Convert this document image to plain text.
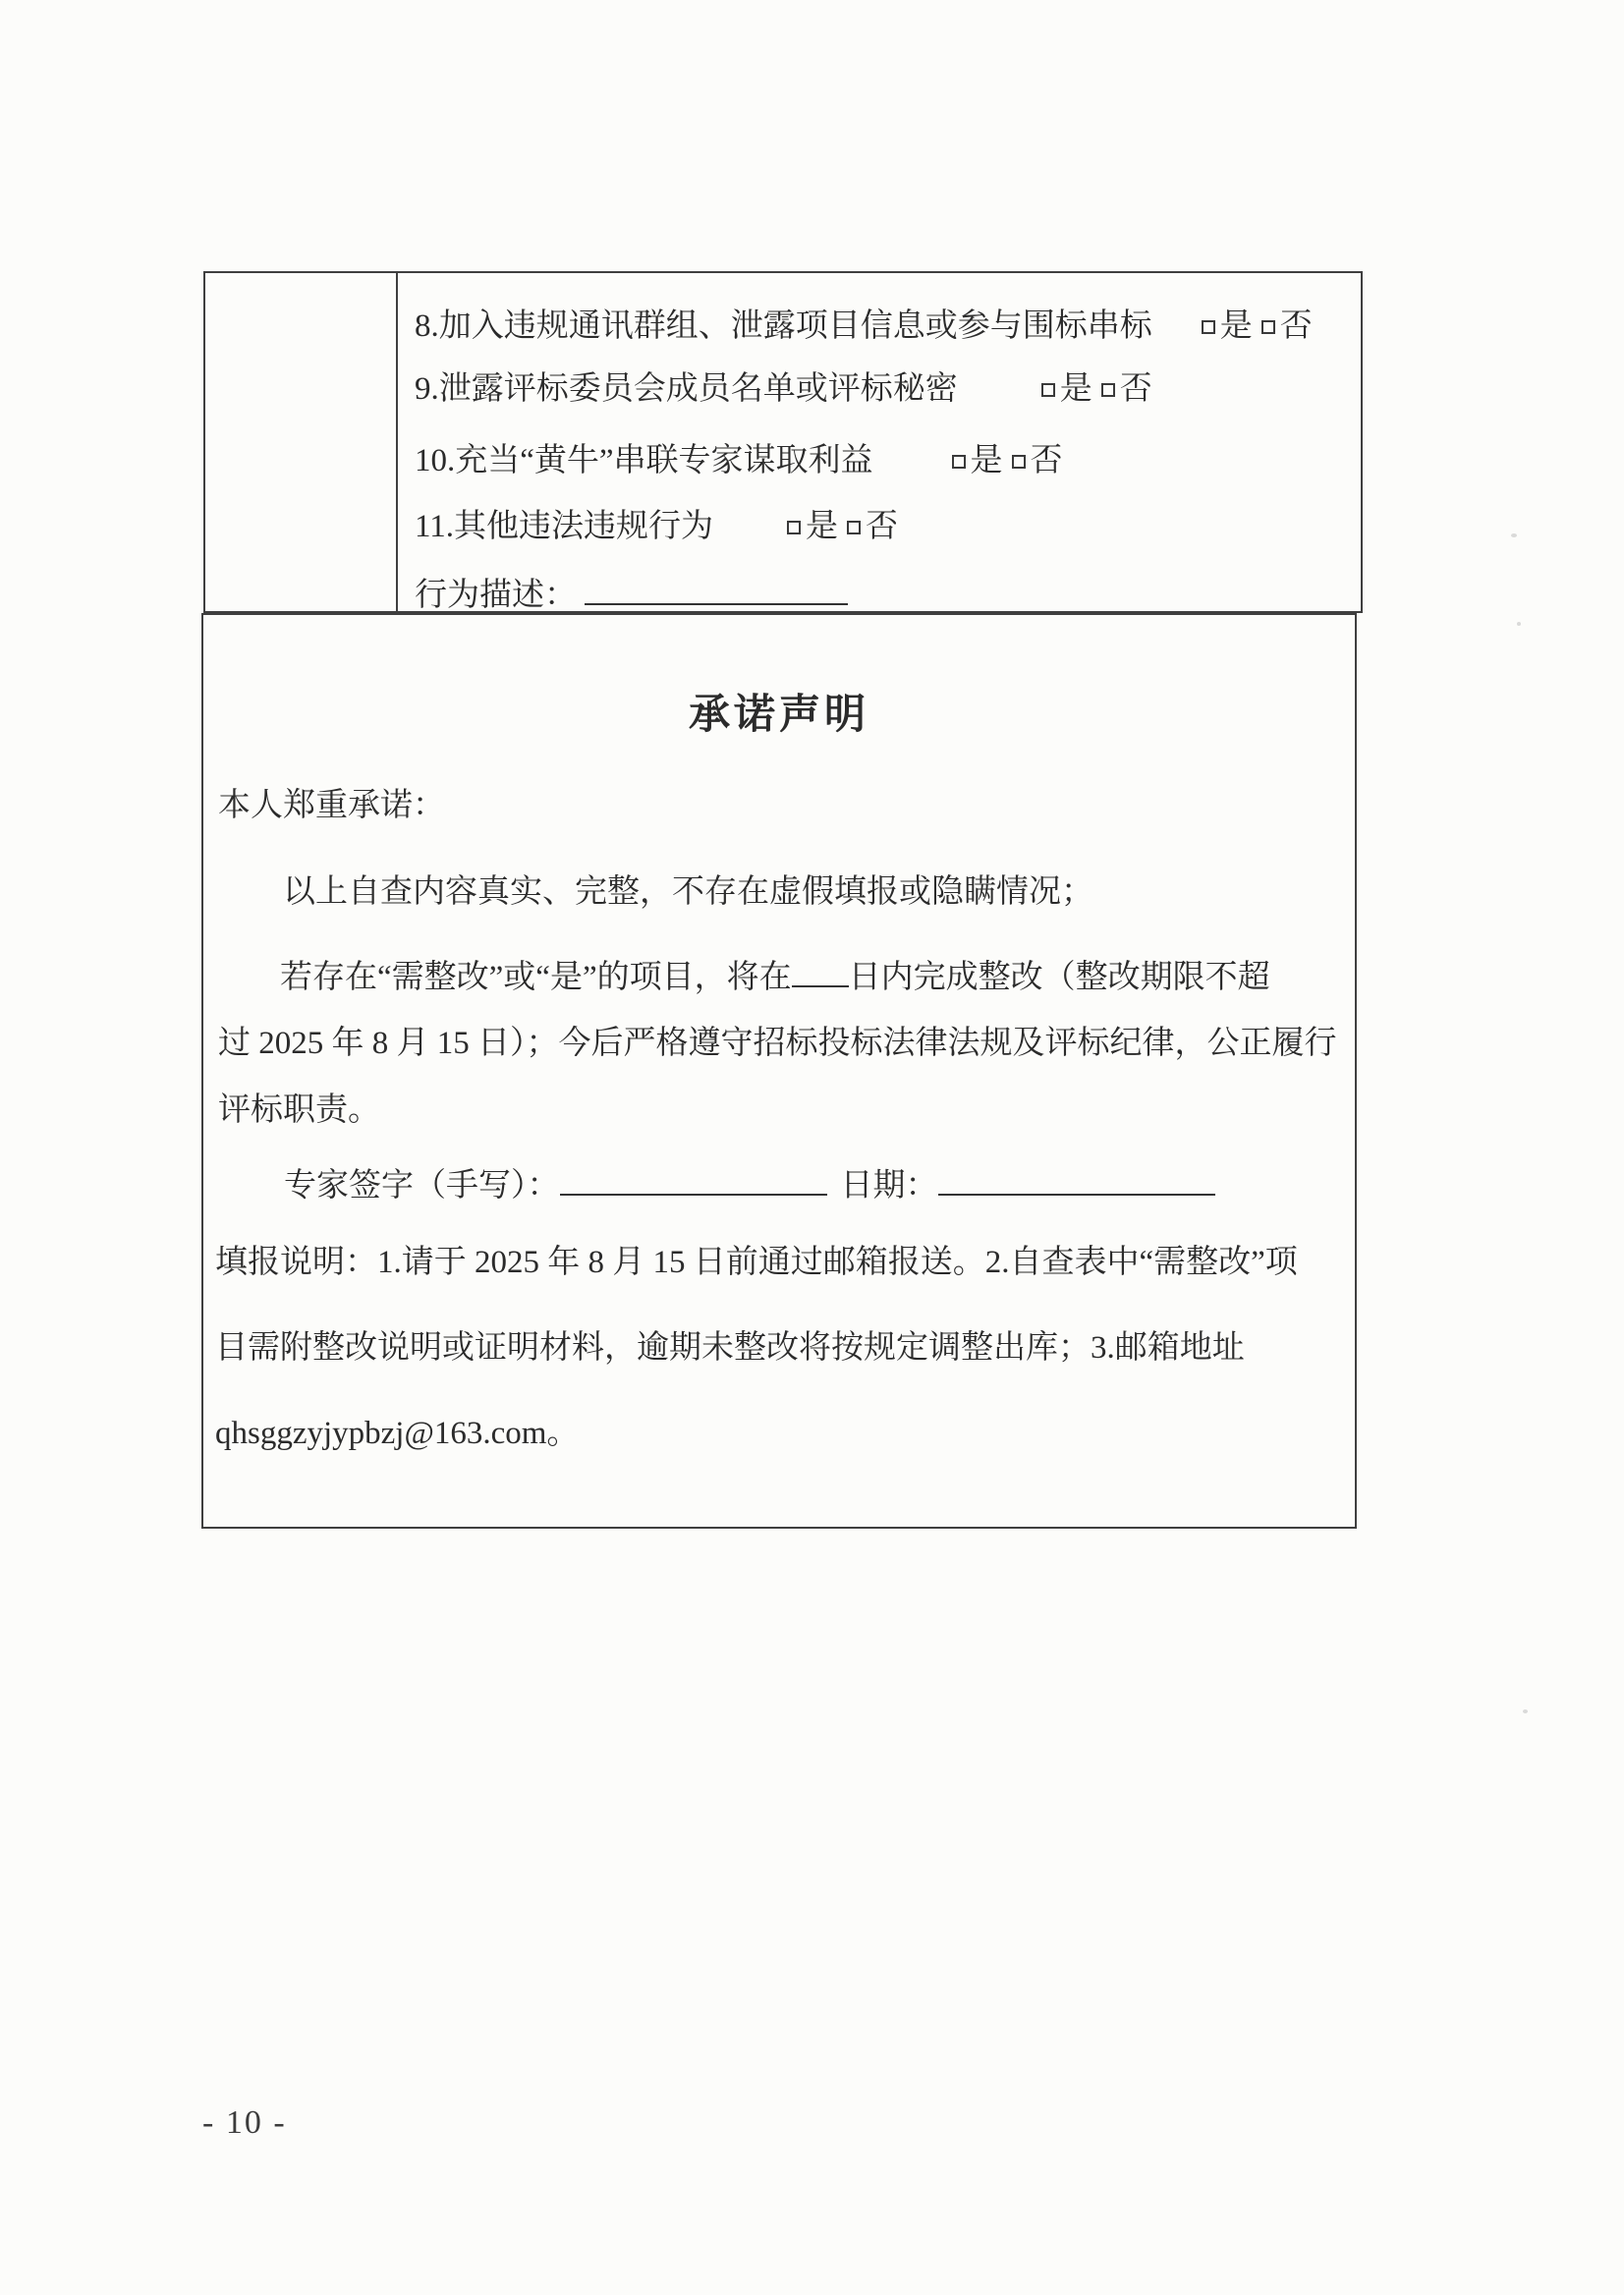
8.加入违规通讯群组、泄露项目信息或参与围标串标 是 否
9.泄露评标委员会成员名单或评标秘密	是 否
10.充当“黄牛”串联专家谋取利益	是 否
11.其他违法违规行为	是 否
行为描述：
承诺声明
本人郑重承诺：
以上自查内容真实、完整，不存在虚假填报或隐瞒情况；
若存在“需整改”或“是”的项目，将在 日内完成整改（整改期限不超
过 2025 年 8 月 15 日）；今后严格遵守招标投标法律法规及评标纪律，公正履行
评标职责。
专家签字（手写）：	日期：
填报说明：1.请于 2025 年 8 月 15 日前通过邮箱报送。2.自查表中“需整改”项
目需附整改说明或证明材料，逾期未整改将按规定调整出库；3.邮箱地址
qhsggzyjypbzj@163.com。
- 10 -
